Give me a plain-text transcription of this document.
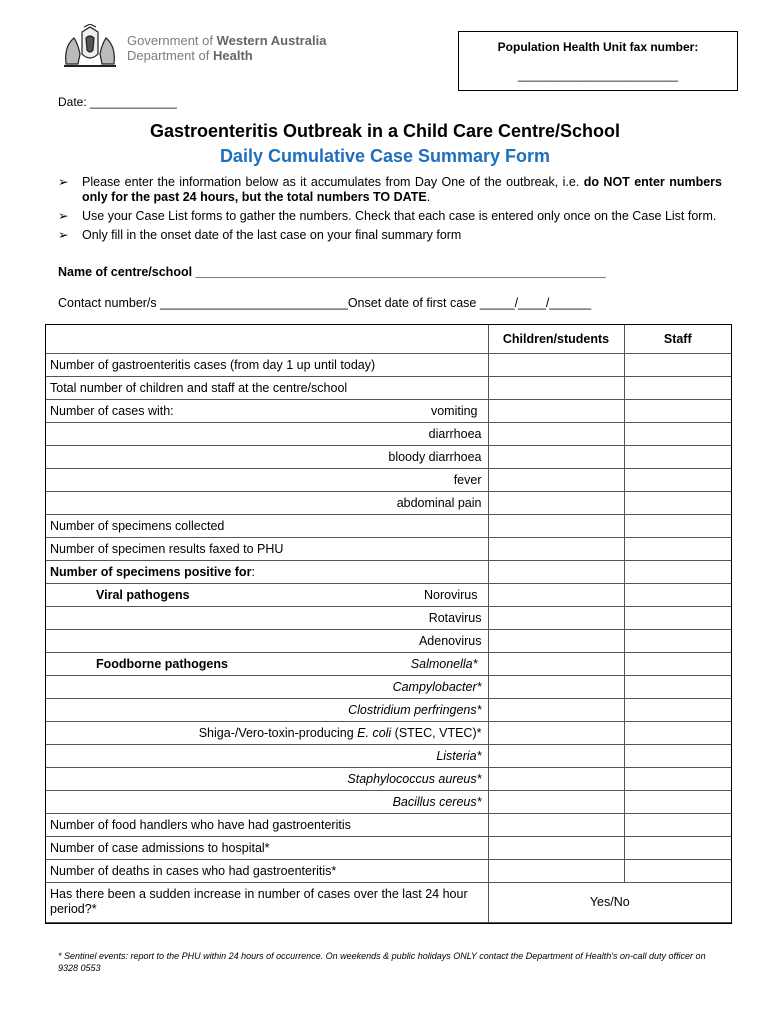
Government of Western Australia
Department of Health
Population Health Unit fax number:
________________________
Date: _____________
Gastroenteritis Outbreak in a Child Care Centre/School
Daily Cumulative Case Summary Form
➢ Please enter the information below as it accumulates from Day One of the outbreak, i.e. do NOT enter numbers only for the past 24 hours, but the total numbers TO DATE.
➢ Use your Case List forms to gather the numbers. Check that each case is entered only once on the Case List form.
➢ Only fill in the onset date of the last case on your final summary form
Name of centre/school ___________________________________________________________
Contact number/s ___________________________Onset date of first case _____/____/______
	Children/students	Staff
Number of gastroenteritis cases (from day 1 up until today)		
Total number of children and staff at the centre/school		

Number of cases with: vomiting		

diarrhoea		
bloody diarrhoea		
fever		
abdominal pain		
Number of specimens collected		
Number of specimen results faxed to PHU		
Number of specimens positive for:		

Viral pathogens Norovirus		

Rotavirus		
Adenovirus		

Foodborne pathogens Salmonella*		

Campylobacter*		
Clostridium perfringens*		
Shiga-/Vero-toxin-producing E. coli (STEC, VTEC)*		
Listeria*		
Staphylococcus aureus*		
Bacillus cereus*		
Number of food handlers who have had gastroenteritis		
Number of case admissions to hospital*		
Number of deaths in cases who had gastroenteritis*		
Has there been a sudden increase in number of cases over the last 24 hour period?*	Yes/No	
* Sentinel events: report to the PHU within 24 hours of occurrence. On weekends & public holidays ONLY contact the Department of Health's on-call duty officer on 9328 0553
